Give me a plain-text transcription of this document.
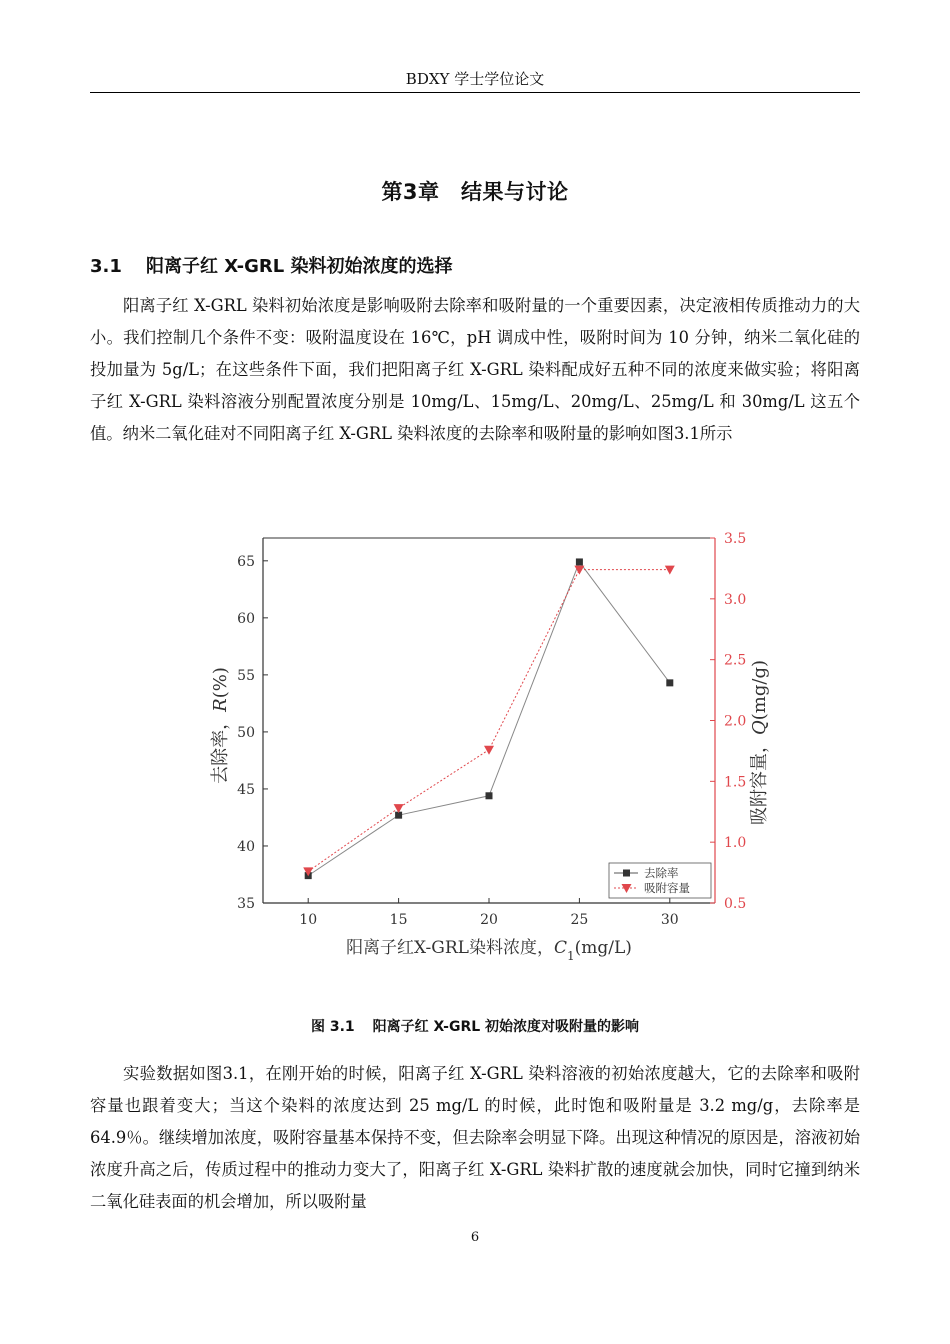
BDXY 学士学位论文
第3章　结果与讨论
3.1 阳离子红 X-GRL 染料初始浓度的选择

阳离子红 X-GRL 染料初始浓度是影响吸附去除率和吸附量的一个重要因素，决定液相传质推动力的大小。我们控制几个条件不变：吸附温度设在 16℃，pH 调成中性，吸附时间为 10 分钟，纳米二氧化硅的投加量为 5g/L；在这些条件下面，我们把阳离子红 X-GRL 染料配成好五种不同的浓度来做实验；将阳离子红 X-GRL 染料溶液分别配置浓度分别是 10mg/L、15mg/L、20mg/L、25mg/L 和 30mg/L 这五个值。纳米二氧化硅对不同阳离子红 X-GRL 染料浓度的去除率和吸附量的影响如图3.1所示

35
40
45
50
55
60
65
0.5
1.0
1.5
2.0
2.5
3.0
3.5
10	15	20	25	30
去除率
吸附容量
阳离子红X-GRL染料浓度，$C_1(mg/L)$
去除率，R(%)
吸附容量，Q(mg/g)
图 3.1 阳离子红 X-GRL 初始浓度对吸附量的影响

实验数据如图3.1，在刚开始的时候，阳离子红 X-GRL 染料溶液的初始浓度越大，它的去除率和吸附容量也跟着变大；当这个染料的浓度达到 25 mg/L 的时候，此时饱和吸附量是 3.2 mg/g，去除率是 64.9％。继续增加浓度，吸附容量基本保持不变，但去除率会明显下降。出现这种情况的原因是，溶液初始浓度升高之后，传质过程中的推动力变大了，阳离子红 X-GRL 染料扩散的速度就会加快，同时它撞到纳米二氧化硅表面的机会增加，所以吸附量

6
